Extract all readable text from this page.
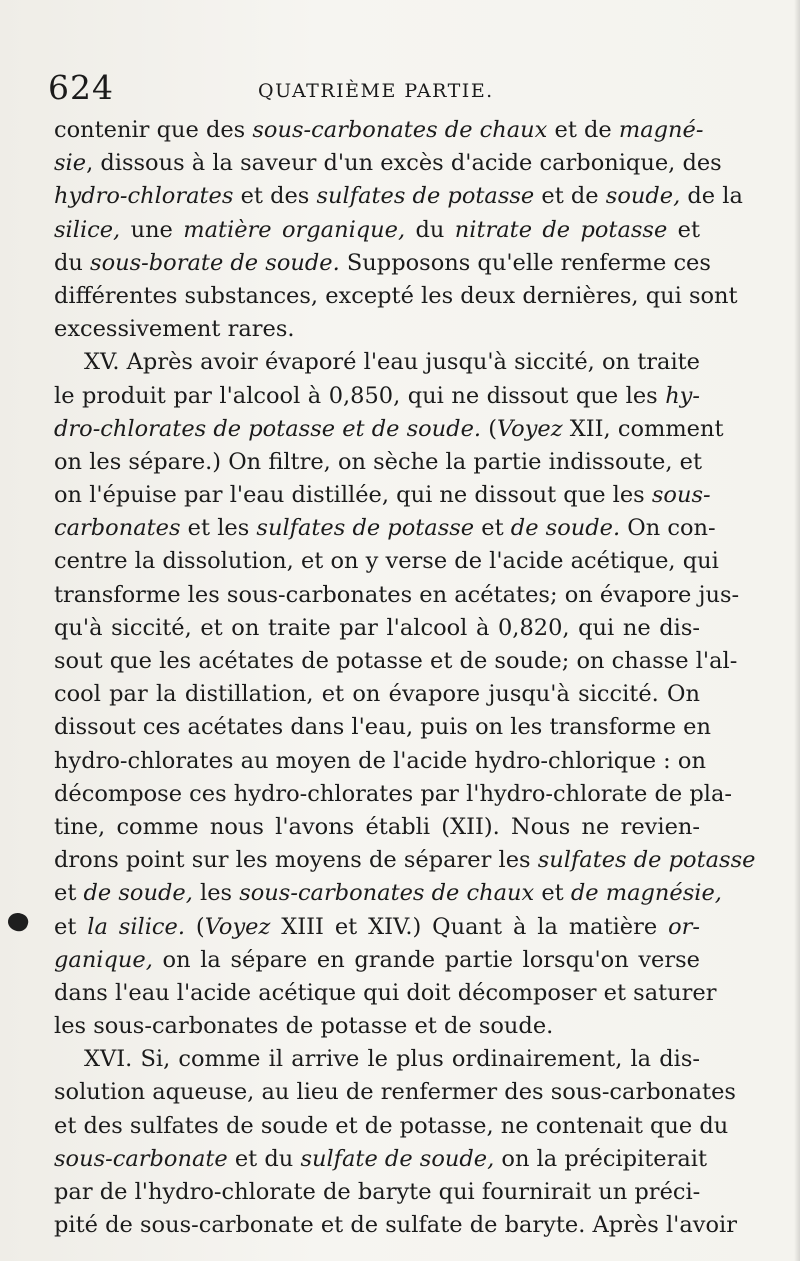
624	QUATRIÈME PARTIE.
contenir que des sous-carbonates de chaux et de magné-
sie, dissous à la saveur d'un excès d'acide carbonique, des
hydro-chlorates et des sulfates de potasse et de soude, de la
silice, une matière organique, du nitrate de potasse et
du sous-borate de soude. Supposons qu'elle renferme ces
différentes substances, excepté les deux dernières, qui sont
excessivement rares.
XV. Après avoir évaporé l'eau jusqu'à siccité, on traite
le produit par l'alcool à 0,850, qui ne dissout que les hy-
dro-chlorates de potasse et de soude. (Voyez XII, comment
on les sépare.) On filtre, on sèche la partie indissoute, et
on l'épuise par l'eau distillée, qui ne dissout que les sous-
carbonates et les sulfates de potasse et de soude. On con-
centre la dissolution, et on y verse de l'acide acétique, qui
transforme les sous-carbonates en acétates; on évapore jus-
qu'à siccité, et on traite par l'alcool à 0,820, qui ne dis-
sout que les acétates de potasse et de soude; on chasse l'al-
cool par la distillation, et on évapore jusqu'à siccité. On
dissout ces acétates dans l'eau, puis on les transforme en
hydro-chlorates au moyen de l'acide hydro-chlorique : on
décompose ces hydro-chlorates par l'hydro-chlorate de pla-
tine, comme nous l'avons établi (XII). Nous ne revien-
drons point sur les moyens de séparer les sulfates de potasse
et de soude, les sous-carbonates de chaux et de magnésie,
et la silice. (Voyez XIII et XIV.) Quant à la matière or-
ganique, on la sépare en grande partie lorsqu'on verse
dans l'eau l'acide acétique qui doit décomposer et saturer
les sous-carbonates de potasse et de soude.
XVI. Si, comme il arrive le plus ordinairement, la dis-
solution aqueuse, au lieu de renfermer des sous-carbonates
et des sulfates de soude et de potasse, ne contenait que du
sous-carbonate et du sulfate de soude, on la précipiterait
par de l'hydro-chlorate de baryte qui fournirait un préci-
pité de sous-carbonate et de sulfate de baryte. Après l'avoir
